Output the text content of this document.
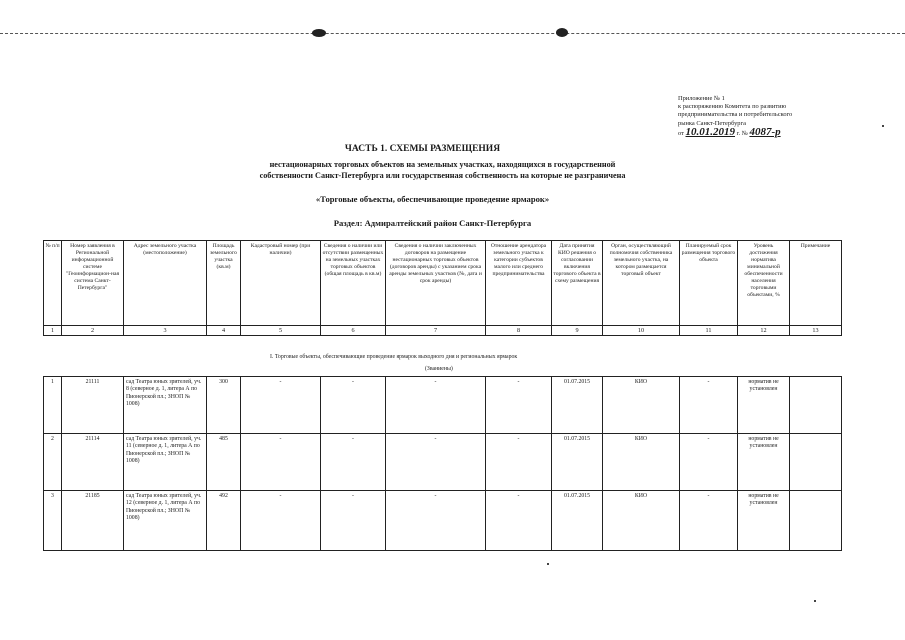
Приложение № 1
к распоряжению Комитета по развитию
предпринимательства и потребительского
рынка Санкт-Петербурга
от 10.01.2019 г. № 4087-р
ЧАСТЬ 1. СХЕМЫ РАЗМЕЩЕНИЯ
нестационарных торговых объектов на земельных участках, находящихся в государственной
собственности Санкт-Петербурга или государственная собственность на которые не разграничена
«Торговые объекты, обеспечивающие проведение ярмарок»
Раздел: Адмиралтейский район Санкт-Петербурга
№ п/п	Номер заявления в Региональной информационной системе "Геоинформацион-ная система Санкт-Петербурга"	Адрес земельного участка (местоположение)	Площадь земельного участка (кв.м)	Кадастровый номер (при наличии)	Сведения о наличии или отсутствии размещенных на земельных участках торговых объектов (общая площадь в кв.м)	Сведения о наличии заключенных договоров на размещение нестационарных торговых объектов (договоров аренды) с указанием срока аренды земельных участков (№, дата и срок аренды)	Отношение арендатора земельного участка к категории субъектов малого или среднего предпринимательства	Дата принятия КИО решения о согласовании включения торгового объекта в схему размещения	Орган, осуществляющий полномочия собственника земельного участка, на котором размещается торговый объект	Планируемый срок размещения торгового объекта	Уровень достижения норматива минимальной обеспеченности населения торговыми объектами, %	Примечание
1	2	3	4	5	6	7	8	9	10	11	12	13
I. Торговые объекты, обеспечивающие проведение ярмарок выходного дня и региональных ярмарок
(Званиены)
1	21111	сад Театра юных зрителей, уч. 8 (северное д. 1, литера А по Пионерской пл.; ЗНОП № 1008)	300	-	-	-	-	01.07.2015	КИО	-	норматив не установлен	
2	21114	сад Театра юных зрителей, уч. 11 (северное д. 1, литера А по Пионерской пл.; ЗНОП № 1008)	485	-	-	-	-	01.07.2015	КИО	-	норматив не установлен	
3	21185	сад Театра юных зрителей, уч. 12 (северное д. 1, литера А по Пионерской пл.; ЗНОП № 1008)	492	-	-	-	-	01.07.2015	КИО	-	норматив не установлен	
